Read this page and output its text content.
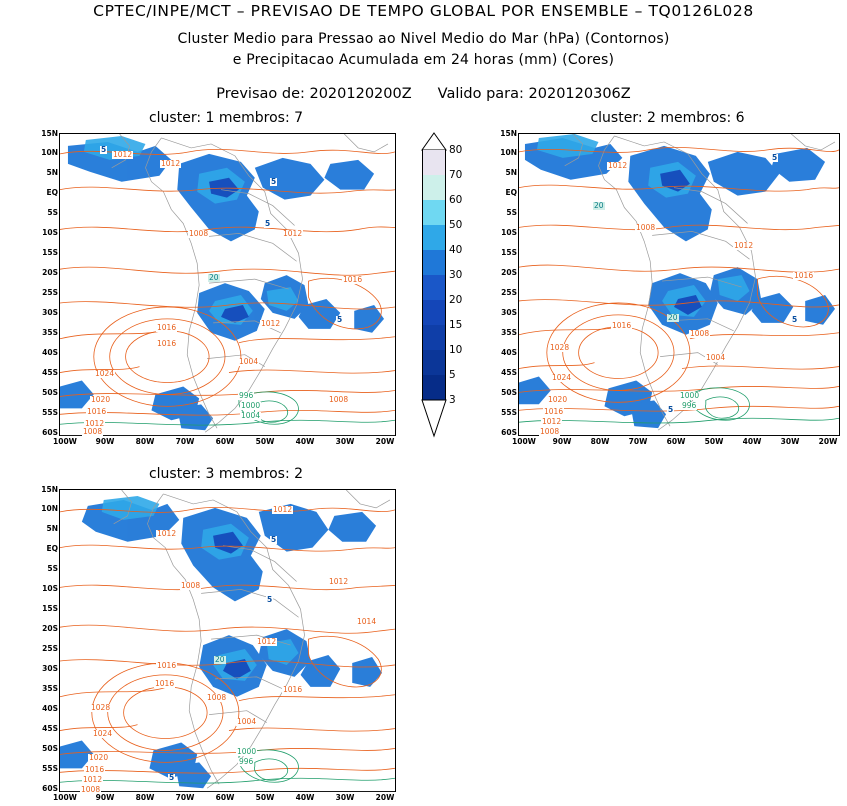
CPTEC/INPE/MCT – PREVISAO DE TEMPO GLOBAL POR ENSEMBLE – TQ0126L028
Cluster Medio para Pressao ao Nivel Medio do Mar (hPa) (Contornos)
e Precipitacao Acumulada em 24 horas (mm) (Cores)
Previsao de: 2020120200Z Valido para: 2020120306Z
cluster: 1 membros: 7	cluster: 2 membros: 6
cluster: 3 membros: 2
1012
1012
1008	1012
1016
1016	1012
1016
1004
1008
1024
1020
1016
1012
1008
996
1000
1004
5
5
5
5
20
15N
10N
5N
EQ
5S
10S
15S
20S
25S
30S
35S
40S
45S
50S
55S
60S
100W 90W	80W	70W	60W	50W	40W	30W	20W
80
70
60
50
40
30
20
15
10
5
3
1012
1008
1012
1016
1016
1028
1024
1020
1016
1012
1008
1008
1004
1000
996
20
20
5
5
5
15N
10N
5N
EQ
5S
10S
15S
20S
25S
30S
35S
40S
45S
50S
55S
60S
100W 90W	80W	70W	60W	50W	40W	30W	20W
1012
1012
1012
1008
1012
1014
1016
1016
1016
1008
1028
1024
1020
1016
1012
1008
1004
1000
996
5
5
20
5
15N
10N
5N
EQ
5S
10S
15S
20S
25S
30S
35S
40S
45S
50S
55S
60S
100W 90W	80W	70W	60W	50W	40W	30W	20W
